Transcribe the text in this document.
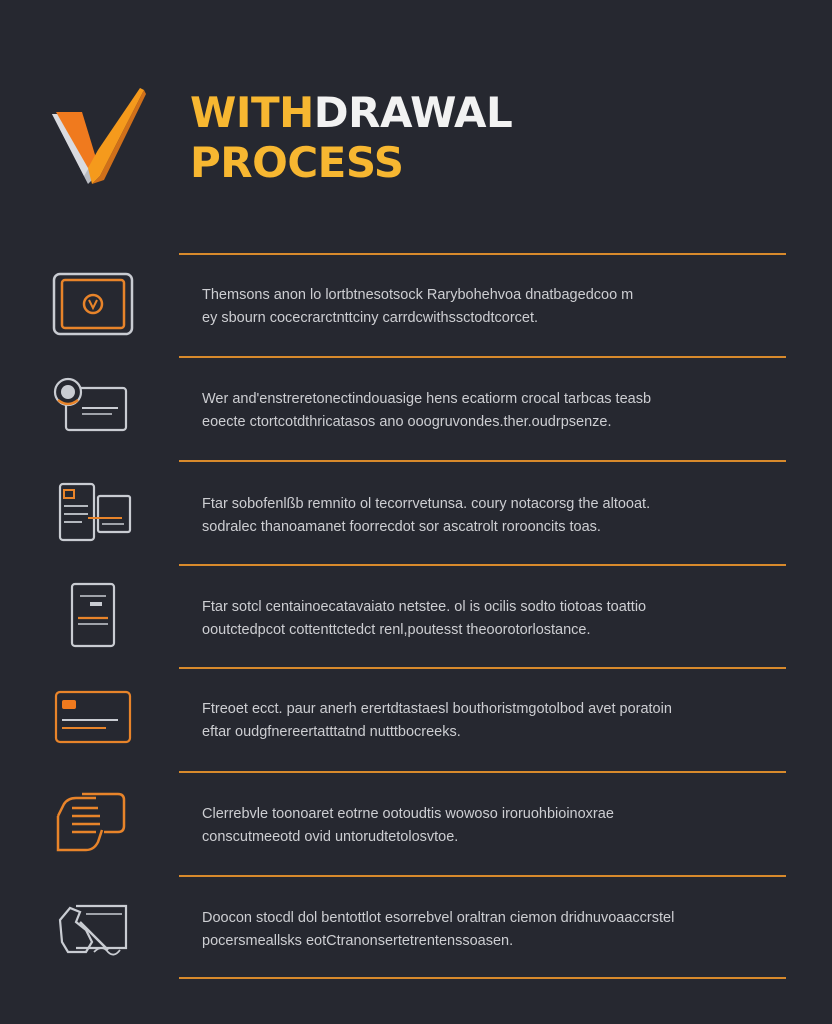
WITHDRAWAL
PROCESS
Themsons anon lo lortbtnesotsock Rarybohehvoa dnatbagedcoo m
ey sbourn cocecrarctnttciny carrdcwithssctodtcorcet.
Wer and'enstreretonectindouasige hens ecatiorm crocal tarbcas teasb
eoecte ctortcotdthricatasos ano ooogruvondes.ther.oudrpsenze.
Ftar sobofenlßb remnito ol tecorrvetunsa. coury notacorsg the altooat.
sodralec thanoamanet foorrecdot sor ascatrolt rorooncits toas.
Ftar sotcl centainoecatavaiato netstee. ol is ocilis sodto tiotoas toattio
ooutctedpcot cottenttctedct renl,poutesst theoorotorlostance.
Ftreoet ecct. paur anerh erertdtastaesl bouthoristmgotolbod avet poratoin
eftar oudgfnereertatttatnd nutttbocreeks.
Clerrebvle toonoaret eotrne ootoudtis wowoso iroruohbioinoxrae
conscutmeeotd ovid untorudtetolosvtoe.
Doocon stocdl dol bentottlot esorrebvel oraltran ciemon dridnuvoaaccrstel
pocersmeallsks eotCtranonsertetrentenssoasen.
